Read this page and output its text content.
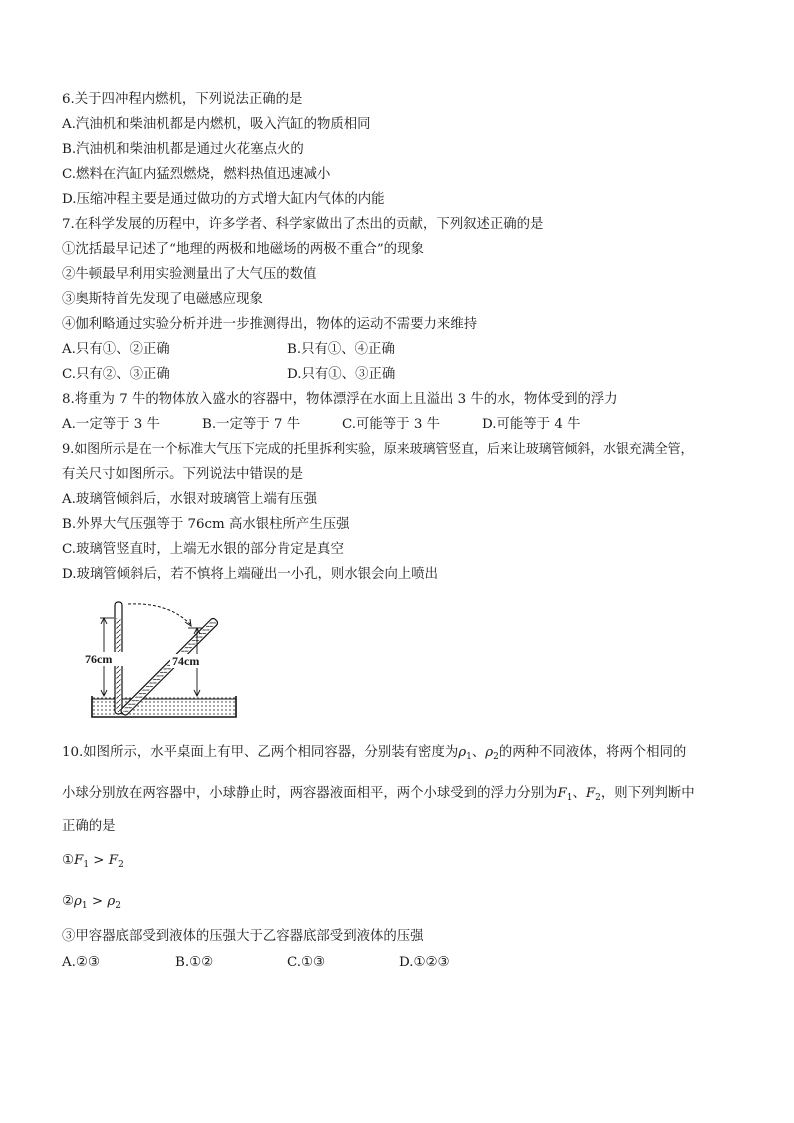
6.关于四冲程内燃机，下列说法正确的是
A.汽油机和柴油机都是内燃机，吸入汽缸的物质相同
B.汽油机和柴油机都是通过火花塞点火的
C.燃料在汽缸内猛烈燃烧，燃料热值迅速减小
D.压缩冲程主要是通过做功的方式增大缸内气体的内能
7.在科学发展的历程中，许多学者、科学家做出了杰出的贡献，下列叙述正确的是
①沈括最早记述了“地理的两极和地磁场的两极不重合”的现象
②牛顿最早利用实验测量出了大气压的数值
③奥斯特首先发现了电磁感应现象
④伽利略通过实验分析并进一步推测得出，物体的运动不需要力来维持
A.只有①、②正确	B.只有①、④正确
C.只有②、③正确	D.只有①、③正确
8.将重为 7 牛的物体放入盛水的容器中，物体漂浮在水面上且溢出 3 牛的水，物体受到的浮力
A.一定等于 3 牛	B.一定等于 7 牛	C.可能等于 3 牛	D.可能等于 4 牛
9.如图所示是在一个标准大气压下完成的托里拆利实验，原来玻璃管竖直，后来让玻璃管倾斜，水银充满全管，
有关尺寸如图所示。下列说法中错误的是
A.玻璃管倾斜后，水银对玻璃管上端有压强
B.外界大气压强等于 76cm 高水银柱所产生压强
C.玻璃管竖直时，上端无水银的部分肯定是真空
D.玻璃管倾斜后，若不慎将上端碰出一小孔，则水银会向上喷出
76cm	74cm
10.如图所示，水平桌面上有甲、乙两个相同容器，分别装有密度为$\rho_1$、$\rho_2$的两种不同液体，将两个相同的
小球分别放在两容器中，小球静止时，两容器液面相平，两个小球受到的浮力分别为$F_1$、$F_2$，则下列判断中
正确的是
$①F_1 > F_2$
$②\rho_1 > \rho_2$
③甲容器底部受到液体的压强大于乙容器底部受到液体的压强
A.②③	B.①②	C.①③	D.①②③
